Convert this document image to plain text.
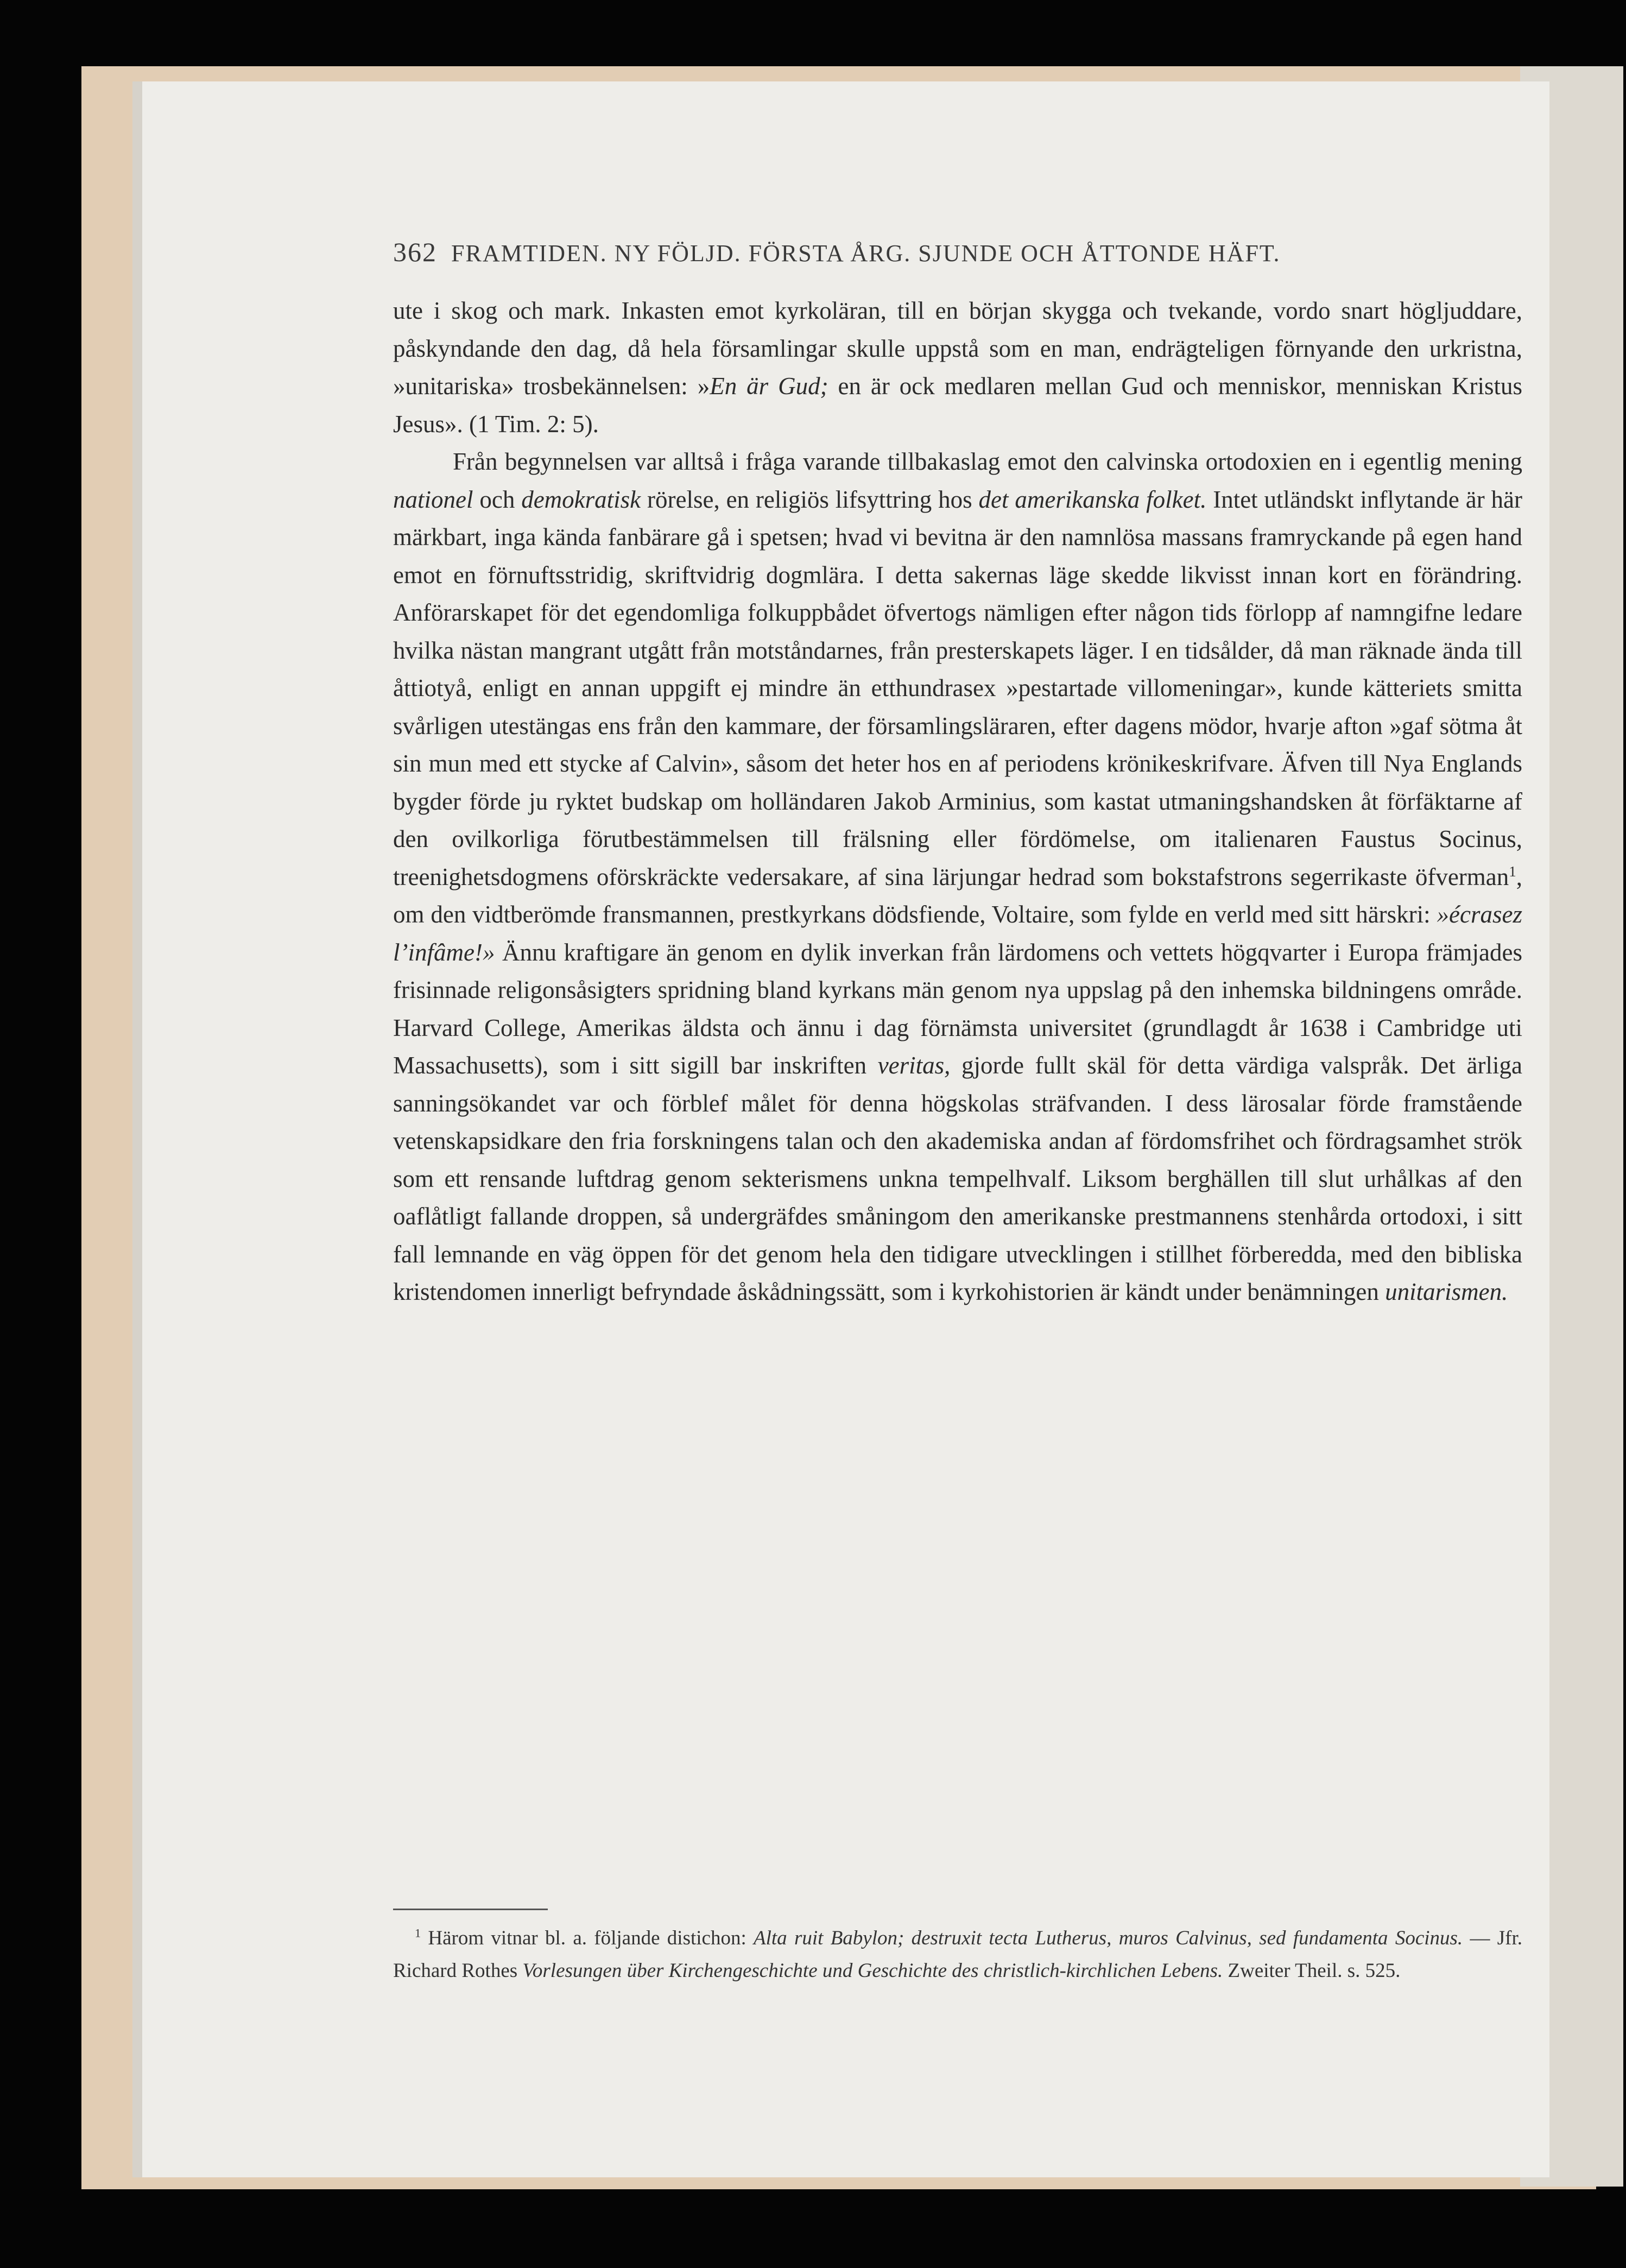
362 FRAMTIDEN. NY FÖLJD. FÖRSTA ÅRG. SJUNDE OCH ÅTTONDE HÄFT.

ute i skog och mark. Inkasten emot kyrkoläran, till en början skygga och tvekande, vordo snart högljuddare, påskyndande den dag, då hela församlingar skulle uppstå som en man, endrägteligen förnyande den urkristna, »unitariska» trosbekännelsen: »En är Gud; en är ock medlaren mellan Gud och menniskor, menniskan Kristus Jesus». (1 Tim. 2: 5).

Från begynnelsen var alltså i fråga varande tillbakaslag emot den calvinska ortodoxien en i egentlig mening nationel och demokratisk rörelse, en religiös lifsyttring hos det amerikanska folket. Intet utländskt inflytande är här märkbart, inga kända fanbärare gå i spetsen; hvad vi bevitna är den namnlösa massans framryckande på egen hand emot en förnuftsstridig, skriftvidrig dogmlära. I detta sakernas läge skedde likvisst innan kort en förändring. Anförarskapet för det egendomliga folkuppbådet öfvertogs nämligen efter någon tids förlopp af namngifne ledare hvilka nästan mangrant utgått från motståndarnes, från presterskapets läger. I en tidsålder, då man räknade ända till åttiotyå, enligt en annan uppgift ej mindre än etthundrasex »pestartade villomeningar», kunde kätteriets smitta svårligen utestängas ens från den kammare, der församlingsläraren, efter dagens mödor, hvarje afton »gaf sötma åt sin mun med ett stycke af Calvin», såsom det heter hos en af periodens krönikeskrifvare. Äfven till Nya Englands bygder förde ju ryktet budskap om holländaren Jakob Arminius, som kastat utmaningshandsken åt förfäktarne af den ovilkorliga förutbestämmelsen till frälsning eller fördömelse, om italienaren Faustus Socinus, treenighetsdogmens oförskräckte vedersakare, af sina lärjungar hedrad som bokstafstrons segerrikaste öfverman$^1$, om den vidtberömde fransmannen, prestkyrkans dödsfiende, Voltaire, som fylde en verld med sitt härskri: »écrasez l’infâme!» Ännu kraftigare än genom en dylik inverkan från lärdomens och vettets högqvarter i Europa främjades frisinnade religonsåsigters spridning bland kyrkans män genom nya uppslag på den inhemska bildningens område. Harvard College, Amerikas äldsta och ännu i dag förnämsta universitet (grundlagdt år 1638 i Cambridge uti Massachusetts), som i sitt sigill bar inskriften veritas, gjorde fullt skäl för detta värdiga valspråk. Det ärliga sanningsökandet var och förblef målet för denna högskolas sträfvanden. I dess lärosalar förde framstående vetenskapsidkare den fria forskningens talan och den akademiska andan af fördomsfrihet och fördragsamhet strök som ett rensande luftdrag genom sekterismens unkna tempelhvalf. Liksom berghällen till slut urhålkas af den oaflåtligt fallande droppen, så undergräfdes småningom den amerikanske prestmannens stenhårda ortodoxi, i sitt fall lemnande en väg öppen för det genom hela den tidigare utvecklingen i stillhet förberedda, med den bibliska kristendomen innerligt befryndade åskådningssätt, som i kyrkohistorien är kändt under benämningen unitarismen.

$^1$ Härom vitnar bl. a. följande distichon: Alta ruit Babylon; destruxit tecta Lutherus, muros Calvinus, sed fundamenta Socinus. — Jfr. Richard Rothes Vorlesungen über Kirchengeschichte und Geschichte des christlich-kirchlichen Lebens. Zweiter Theil. s. 525.
